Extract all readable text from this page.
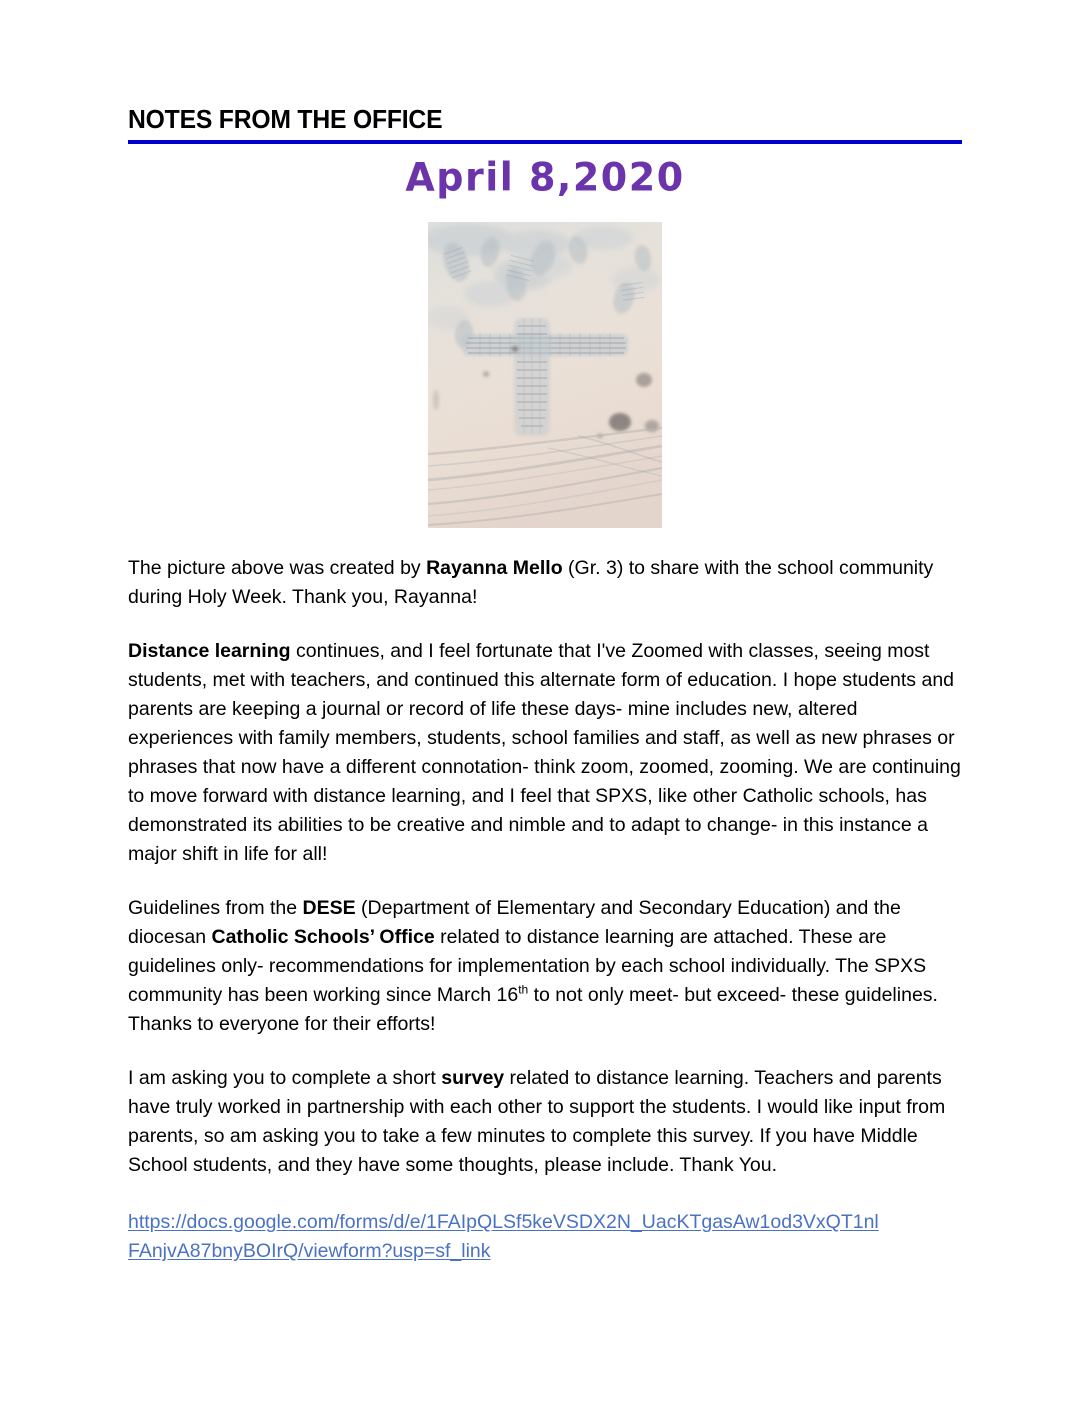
NOTES FROM THE OFFICE
April 8,2020

The picture above was created by Rayanna Mello (Gr. 3) to share with the school community during Holy Week. Thank you, Rayanna!

Distance learning continues, and I feel fortunate that I've Zoomed with classes, seeing most students, met with teachers, and continued this alternate form of education. I hope students and parents are keeping a journal or record of life these days- mine includes new, altered experiences with family members, students, school families and staff, as well as new phrases or phrases that now have a different connotation- think zoom, zoomed, zooming. We are continuing to move forward with distance learning, and I feel that SPXS, like other Catholic schools, has demonstrated its abilities to be creative and nimble and to adapt to change- in this instance a major shift in life for all!

Guidelines from the DESE (Department of Elementary and Secondary Education) and the diocesan Catholic Schools’ Office related to distance learning are attached. These are guidelines only- recommendations for implementation by each school individually. The SPXS community has been working since March 16th to not only meet- but exceed- these guidelines. Thanks to everyone for their efforts!

I am asking you to complete a short survey related to distance learning. Teachers and parents have truly worked in partnership with each other to support the students. I would like input from parents, so am asking you to take a few minutes to complete this survey. If you have Middle School students, and they have some thoughts, please include. Thank You.

https://docs.google.com/forms/d/e/1FAIpQLSf5keVSDX2N_UacKTgasAw1od3VxQT1nl
FAnjvA87bnyBOIrQ/viewform?usp=sf_link
